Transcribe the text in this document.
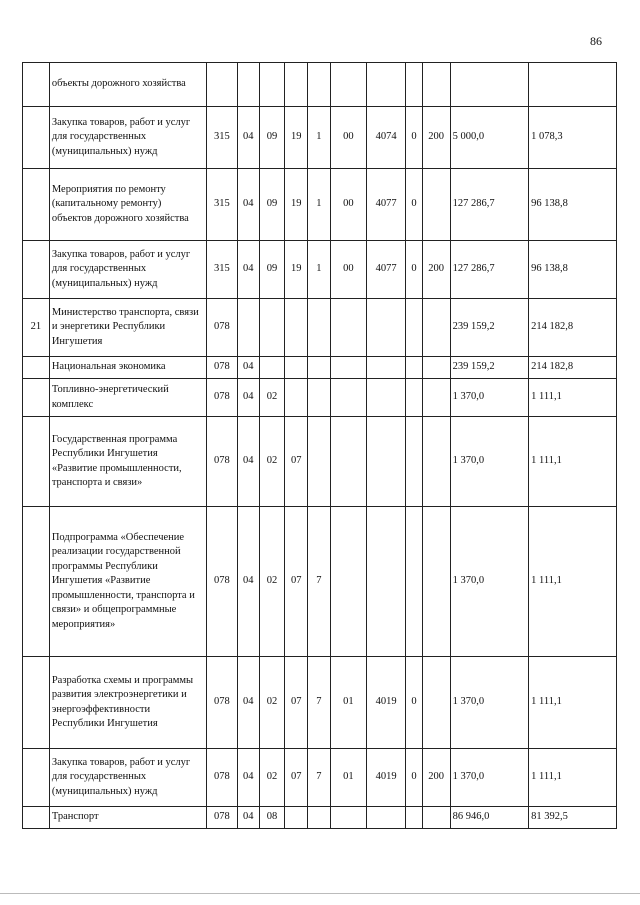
86
	объекты дорожного хозяйства											
	Закупка товаров, работ и услуг для государственных (муниципальных) нужд	315	04	09	19	1	00	4074	0	200	5 000,0	1 078,3
	Мероприятия по ремонту (капитальному ремонту) объектов дорожного хозяйства	315	04	09	19	1	00	4077	0		127 286,7	96 138,8
	Закупка товаров, работ и услуг для государственных (муниципальных) нужд	315	04	09	19	1	00	4077	0	200	127 286,7	96 138,8
21	Министерство транспорта, связи и энергетики Республики Ингушетия	078									239 159,2	214 182,8
	Национальная экономика	078	04								239 159,2	214 182,8
	Топливно-энергетический комплекс	078	04	02							1 370,0	1 111,1
	Государственная программа Республики Ингушетия «Развитие промышленности, транспорта и связи»	078	04	02	07						1 370,0	1 111,1
	Подпрограмма «Обеспечение реализации государственной программы Республики Ингушетия «Развитие промышленности, транспорта и связи» и общепрограммные мероприятия»	078	04	02	07	7					1 370,0	1 111,1
	Разработка схемы и программы развития электроэнергетики и энергоэффективности Республики Ингушетия	078	04	02	07	7	01	4019	0		1 370,0	1 111,1
	Закупка товаров, работ и услуг для государственных (муниципальных) нужд	078	04	02	07	7	01	4019	0	200	1 370,0	1 111,1
	Транспорт	078	04	08							86 946,0	81 392,5
